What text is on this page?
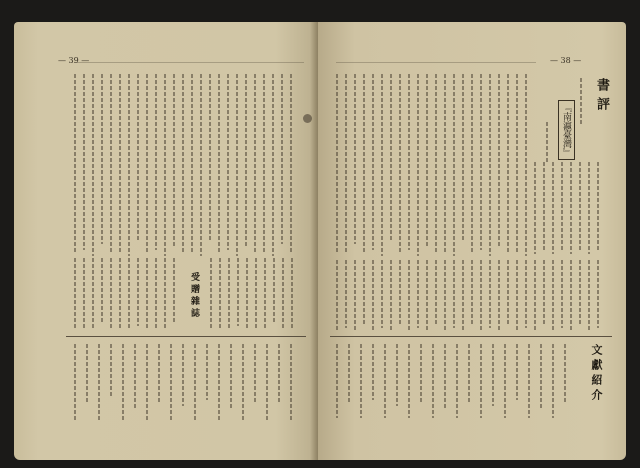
— 39 —
受贈雜誌
— 38 —
書評
『南瀛臺灣』
文獻紹介
